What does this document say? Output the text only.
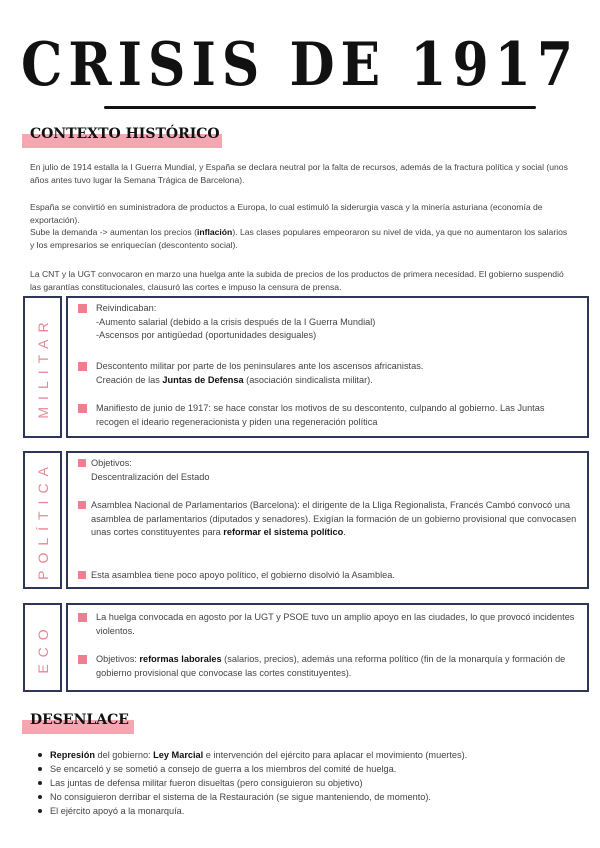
CRISIS DE 1917
CONTEXTO HISTÓRICO
En julio de 1914 estalla la I Guerra Mundial, y España se declara neutral por la falta de recursos, además de la fractura política y social (unos años antes tuvo lugar la Semana Trágica de Barcelona).
España se convirtió en suministradora de productos a Europa, lo cual estimuló la siderurgia vasca y la minería asturiana (economía de exportación).
Sube la demanda -> aumentan los precios (inflación). Las clases populares empeoraron su nivel de vida, ya que no aumentaron los salarios y los empresarios se enriquecían (descontento social).
La CNT y la UGT convocaron en marzo una huelga ante la subida de precios de los productos de primera necesidad. El gobierno suspendió las garantías constitucionales, clausuró las cortes e impuso la censura de prensa.
MILITAR
Reivindicaban:
-Aumento salarial (debido a la crisis después de la I Guerra Mundial)
-Ascensos por antigüedad (oportunidades desiguales)
Descontento militar por parte de los peninsulares ante los ascensos africanistas.
Creación de las Juntas de Defensa (asociación sindicalista militar).
Manifiesto de junio de 1917: se hace constar los motivos de su descontento, culpando al gobierno. Las Juntas recogen el ideario regeneracionista y piden una regeneración política
POLÍTICA	Objetivos:
Descentralización del Estado
Asamblea Nacional de Parlamentarios (Barcelona): el dirigente de la Lliga Regionalista, Francés Cambó convocó una asamblea de parlamentarios (diputados y senadores). Exigían la formación de un gobierno provisional que convocasen unas cortes constituyentes para reformar el sistema político.
Esta asamblea tiene poco apoyo político, el gobierno disolvió la Asamblea.
ECO
La huelga convocada en agosto por la UGT y PSOE tuvo un amplio apoyo en las ciudades, lo que provocó incidentes violentos.
Objetivos: reformas laborales (salarios, precios), además una reforma político (fin de la monarquía y formación de gobierno provisional que convocase las cortes constituyentes).
DESENLACE
Represión del gobierno: Ley Marcial e intervención del ejército para aplacar el movimiento (muertes).
Se encarceló y se sometió a consejo de guerra a los miembros del comité de huelga.
Las juntas de defensa militar fueron disueltas (pero consiguieron su objetivo)
No consiguieron derribar el sistema de la Restauración (se sigue manteniendo, de momento).
El ejército apoyó a la monarquía.
